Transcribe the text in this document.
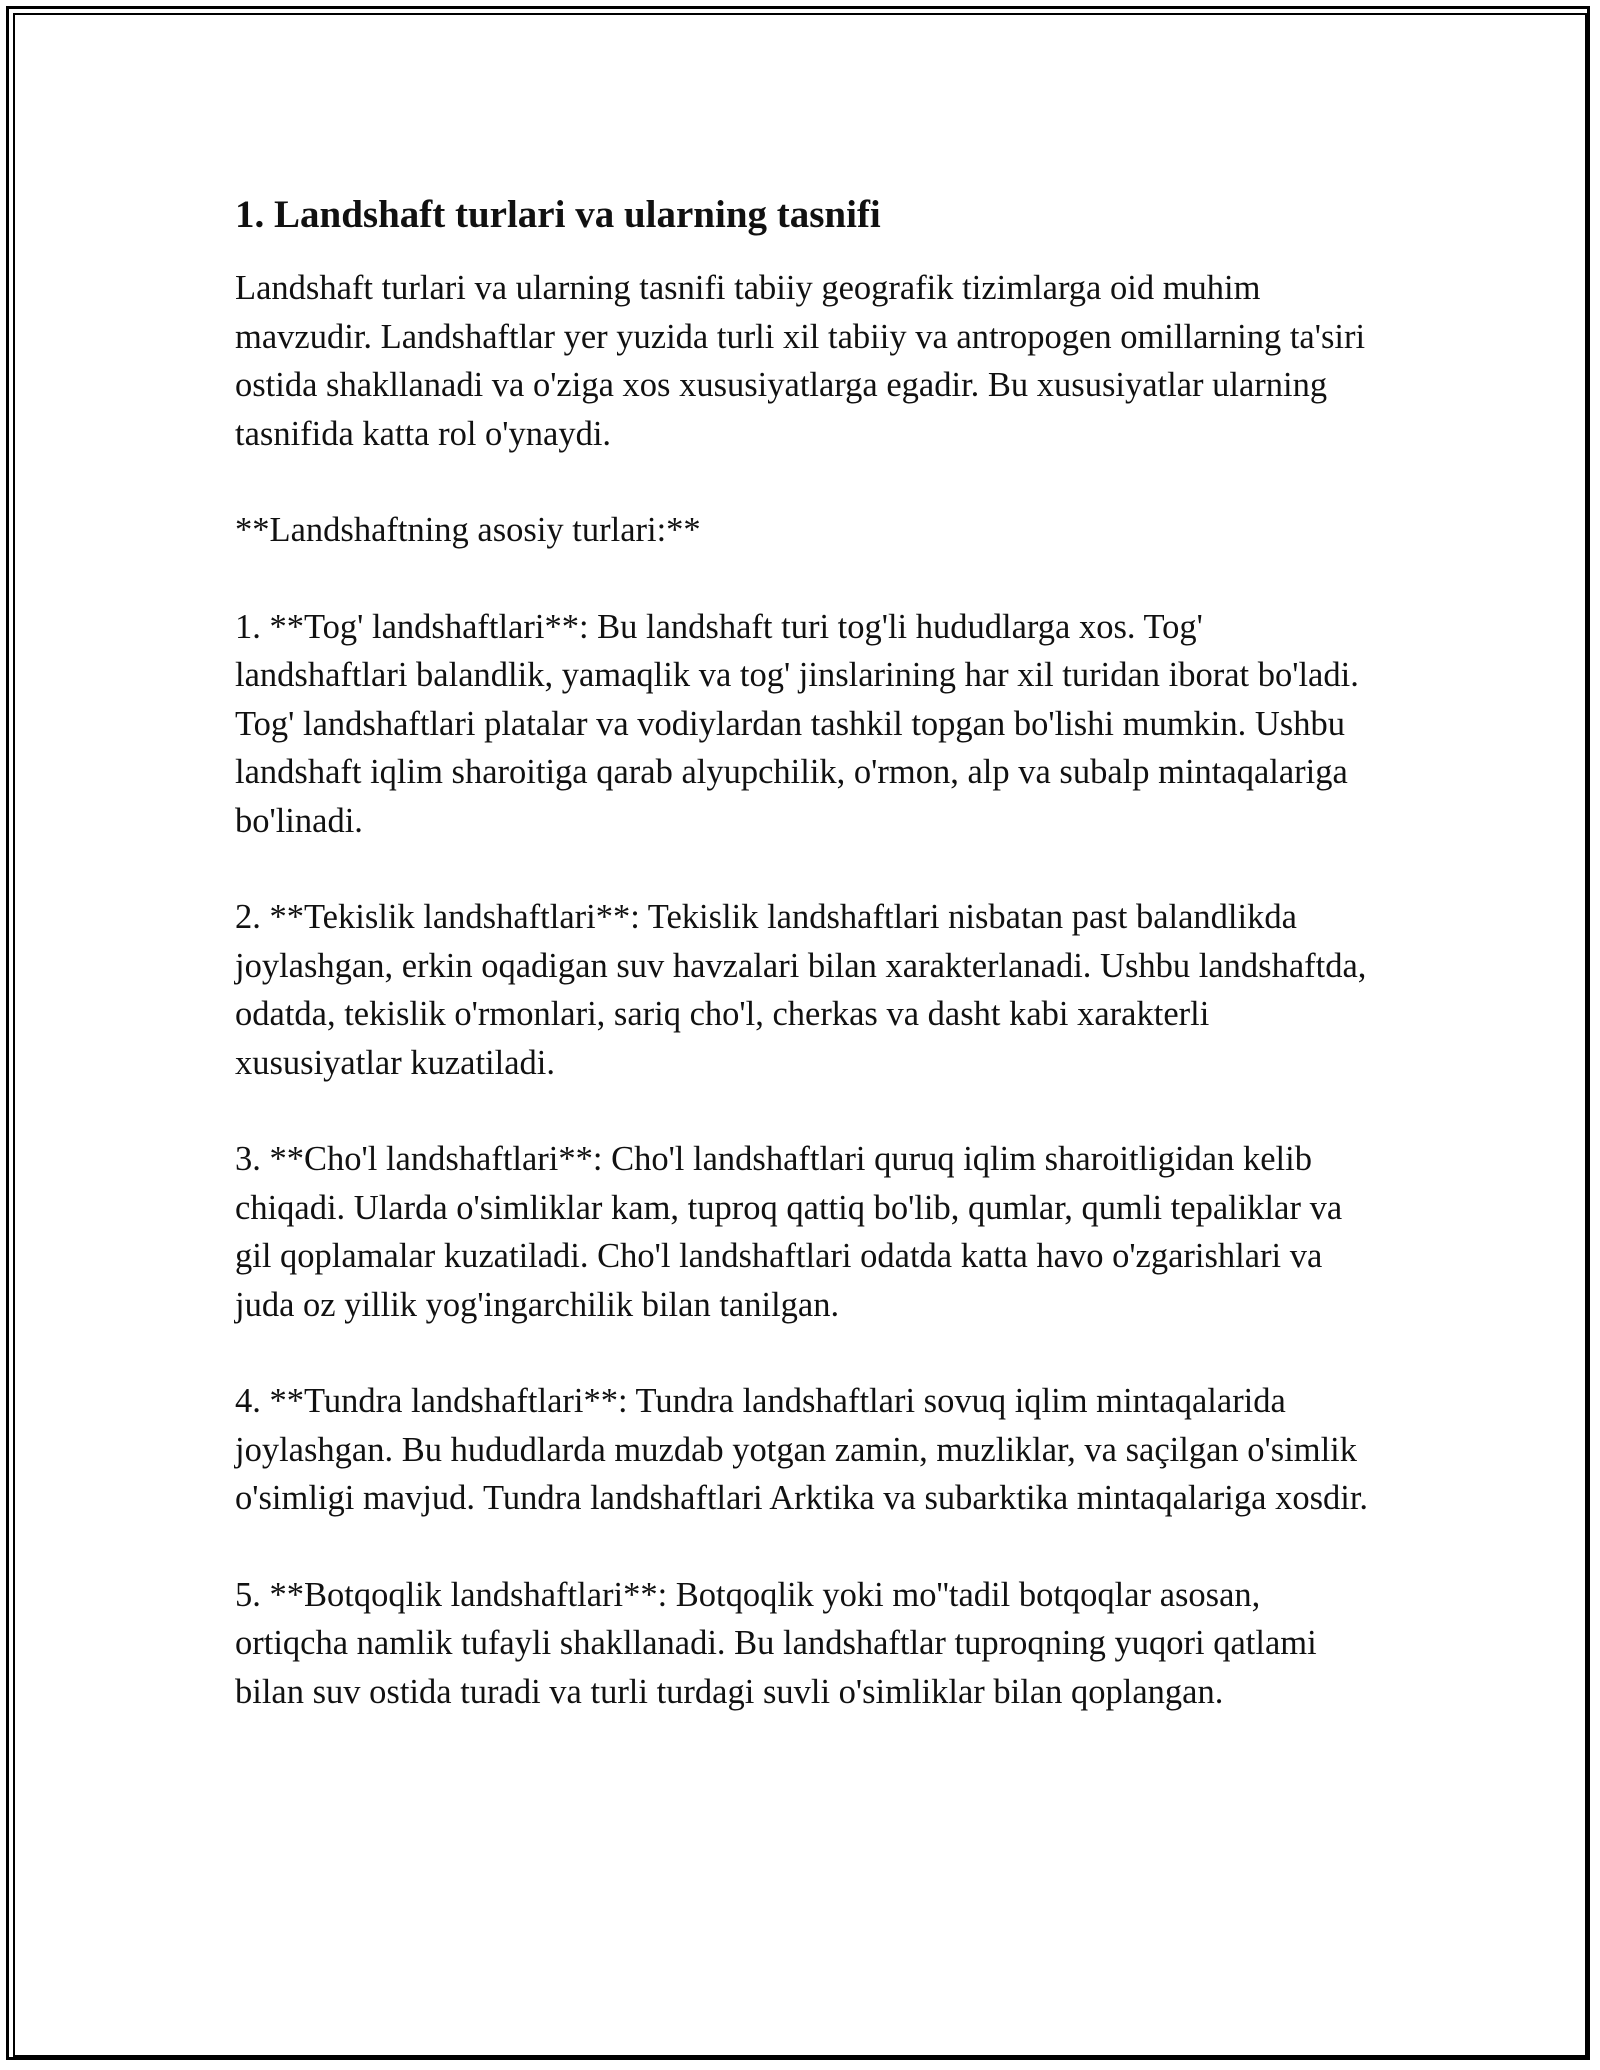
1. Landshaft turlari va ularning tasnifi

Landshaft turlari va ularning tasnifi tabiiy geografik tizimlarga oid muhim mavzudir. Landshaftlar yer yuzida turli xil tabiiy va antropogen omillarning ta'siri ostida shakllanadi va o'ziga xos xususiyatlarga egadir. Bu xususiyatlar ularning tasnifida katta rol o'ynaydi.

**Landshaftning asosiy turlari:**

1. **Tog' landshaftlari**: Bu landshaft turi tog'li hududlarga xos. Tog' landshaftlari balandlik, yamaqlik va tog' jinslarining har xil turidan iborat bo'ladi. Tog' landshaftlari platalar va vodiylardan tashkil topgan bo'lishi mumkin. Ushbu landshaft iqlim sharoitiga qarab alyupchilik, o'rmon, alp va subalp mintaqalariga bo'linadi.

2. **Tekislik landshaftlari**: Tekislik landshaftlari nisbatan past balandlikda joylashgan, erkin oqadigan suv havzalari bilan xarakterlanadi. Ushbu landshaftda, odatda, tekislik o'rmonlari, sariq cho'l, cherkas va dasht kabi xarakterli xususiyatlar kuzatiladi.

3. **Cho'l landshaftlari**: Cho'l landshaftlari quruq iqlim sharoitligidan kelib chiqadi. Ularda o'simliklar kam, tuproq qattiq bo'lib, qumlar, qumli tepaliklar va gil qoplamalar kuzatiladi. Cho'l landshaftlari odatda katta havo o'zgarishlari va juda oz yillik yog'ingarchilik bilan tanilgan.

4. **Tundra landshaftlari**: Tundra landshaftlari sovuq iqlim mintaqalarida joylashgan. Bu hududlarda muzdab yotgan zamin, muzliklar, va saçilgan o'simlik o'simligi mavjud. Tundra landshaftlari Arktika va subarktika mintaqalariga xosdir.

5. **Botqoqlik landshaftlari**: Botqoqlik yoki mo''tadil botqoqlar asosan, ortiqcha namlik tufayli shakllanadi. Bu landshaftlar tuproqning yuqori qatlami bilan suv ostida turadi va turli turdagi suvli o'simliklar bilan qoplangan.
